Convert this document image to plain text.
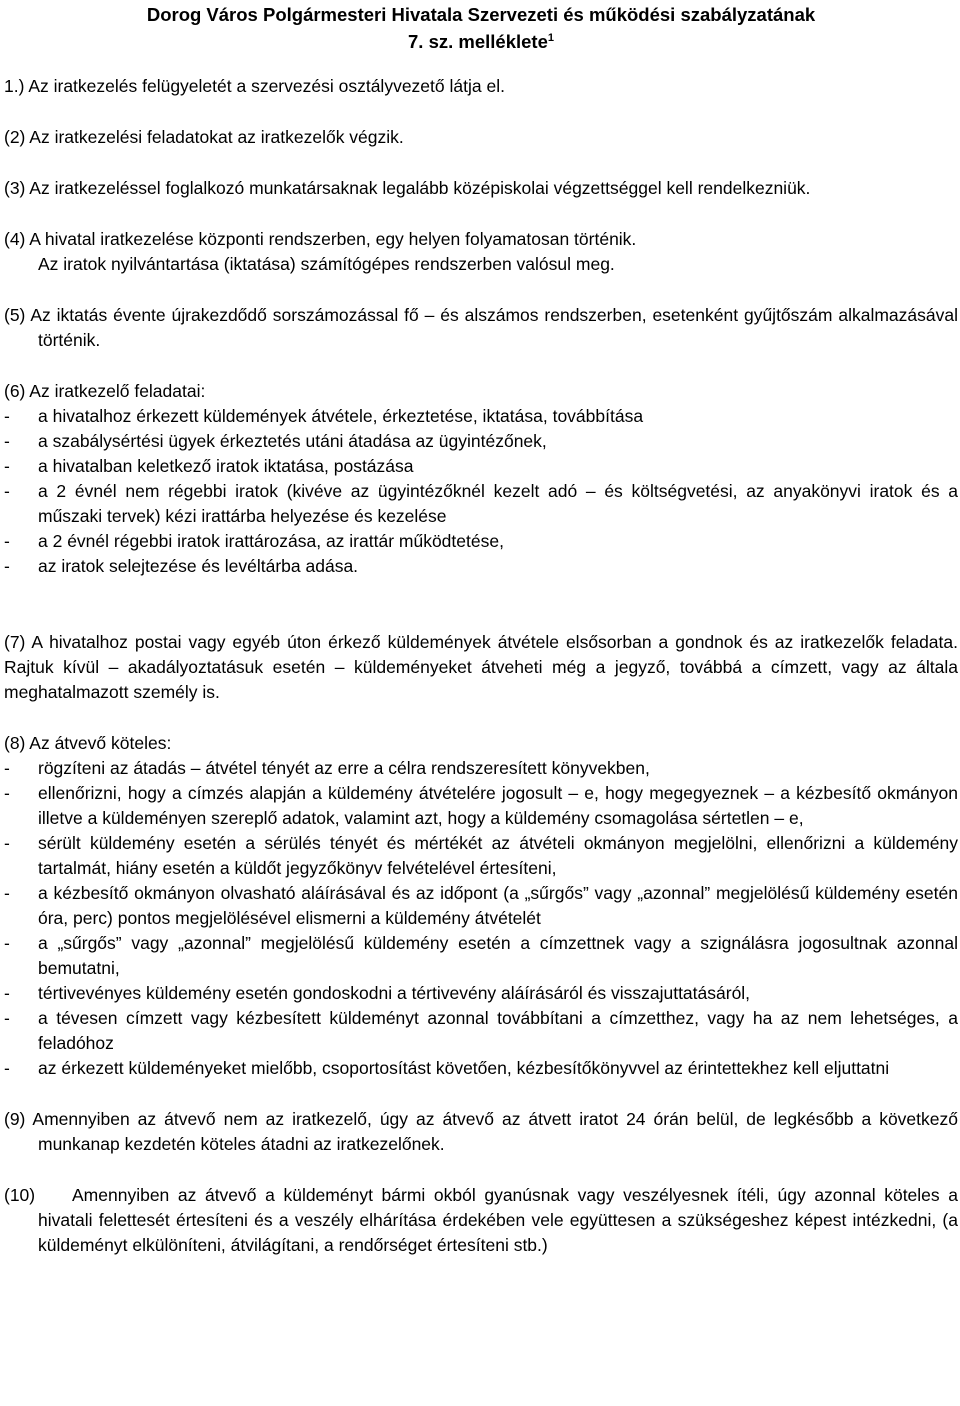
Dorog Város Polgármesteri Hivatala Szervezeti és működési szabályzatának

7. sz. melléklete$^1$

1.) Az iratkezelés felügyeletét a szervezési osztályvezető látja el.

(2) Az iratkezelési feladatokat az iratkezelők végzik.

(3) Az iratkezeléssel foglalkozó munkatársaknak legalább középiskolai végzettséggel kell rendelkezniük.

(4) A hivatal iratkezelése központi rendszerben, egy helyen folyamatosan történik.

Az iratok nyilvántartása (iktatása) számítógépes rendszerben valósul meg.

(5) Az iktatás évente újrakezdődő sorszámozással fő – és alszámos rendszerben, esetenként gyűjtőszám alkalmazásával történik.

(6) Az iratkezelő feladatai:

-	a hivatalhoz érkezett küldemények átvétele, érkeztetése, iktatása, továbbítása
-	a szabálysértési ügyek érkeztetés utáni átadása az ügyintézőnek,
-	a hivatalban keletkező iratok iktatása, postázása
-	a 2 évnél nem régebbi iratok (kivéve az ügyintézőknél kezelt adó – és költségvetési, az anyakönyvi iratok és a műszaki tervek) kézi irattárba helyezése és kezelése
-	a 2 évnél régebbi iratok irattározása, az irattár működtetése,
-	az iratok selejtezése és levéltárba adása.

(7) A hivatalhoz postai vagy egyéb úton érkező küldemények átvétele elsősorban a gondnok és az iratkezelők feladata. Rajtuk kívül – akadályoztatásuk esetén – küldeményeket átveheti még a jegyző, továbbá a címzett, vagy az általa meghatalmazott személy is.

(8) Az átvevő köteles:

-	rögzíteni az átadás – átvétel tényét az erre a célra rendszeresített könyvekben,
-	ellenőrizni, hogy a címzés alapján a küldemény átvételére jogosult – e, hogy megegyeznek – a kézbesítő okmányon illetve a küldeményen szereplő adatok, valamint azt, hogy a küldemény csomagolása sértetlen – e,
-	sérült küldemény esetén a sérülés tényét és mértékét az átvételi okmányon megjelölni, ellenőrizni a küldemény tartalmát, hiány esetén a küldőt jegyzőkönyv felvételével értesíteni,
-	a kézbesítő okmányon olvasható aláírásával és az időpont (a „sűrgős” vagy „azonnal” megjelölésű küldemény esetén óra, perc) pontos megjelölésével elismerni a küldemény átvételét
-	a „sűrgős” vagy „azonnal” megjelölésű küldemény esetén a címzettnek vagy a szignálásra jogosultnak azonnal bemutatni,
-	tértivevényes küldemény esetén gondoskodni a tértivevény aláírásáról és visszajuttatásáról,
-	a tévesen címzett vagy kézbesített küldeményt azonnal továbbítani a címzetthez, vagy ha az nem lehetséges, a feladóhoz
-	az érkezett küldeményeket mielőbb, csoportosítást követően, kézbesítőkönyvvel az érintettekhez kell eljuttatni

(9) Amennyiben az átvevő nem az iratkezelő, úgy az átvevő az átvett iratot 24 órán belül, de legkésőbb a következő munkanap kezdetén köteles átadni az iratkezelőnek.

(10)	Amennyiben az átvevő a küldeményt bármi okból gyanúsnak vagy veszélyesnek ítéli, úgy azonnal köteles a hivatali felettesét értesíteni és a veszély elhárítása érdekében vele együttesen a szükségeshez képest intézkedni, (a küldeményt elkülöníteni, átvilágítani, a rendőrséget értesíteni stb.)
